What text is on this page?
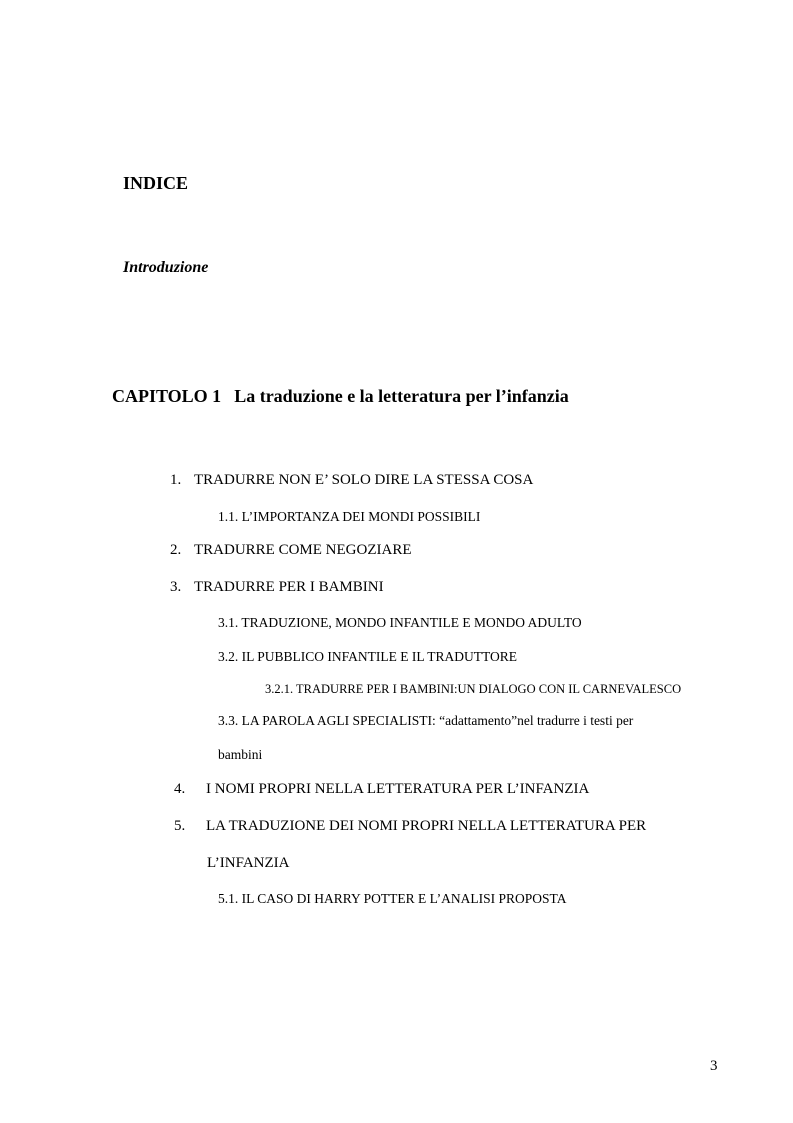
INDICE
Introduzione
CAPITOLO 1 La traduzione e la letteratura per l’infanzia
1. TRADURRE NON E’ SOLO DIRE LA STESSA COSA
1.1. L’IMPORTANZA DEI MONDI POSSIBILI
2. TRADURRE COME NEGOZIARE
3. TRADURRE PER I BAMBINI
3.1. TRADUZIONE, MONDO INFANTILE E MONDO ADULTO
3.2. IL PUBBLICO INFANTILE E IL TRADUTTORE
3.2.1. TRADURRE PER I BAMBINI:UN DIALOGO CON IL CARNEVALESCO
3.3. LA PAROLA AGLI SPECIALISTI: “adattamento”nel tradurre i testi per
bambini
4. I NOMI PROPRI NELLA LETTERATURA PER L’INFANZIA
5. LA TRADUZIONE DEI NOMI PROPRI NELLA LETTERATURA PER
L’INFANZIA
5.1. IL CASO DI HARRY POTTER E L’ANALISI PROPOSTA
3
